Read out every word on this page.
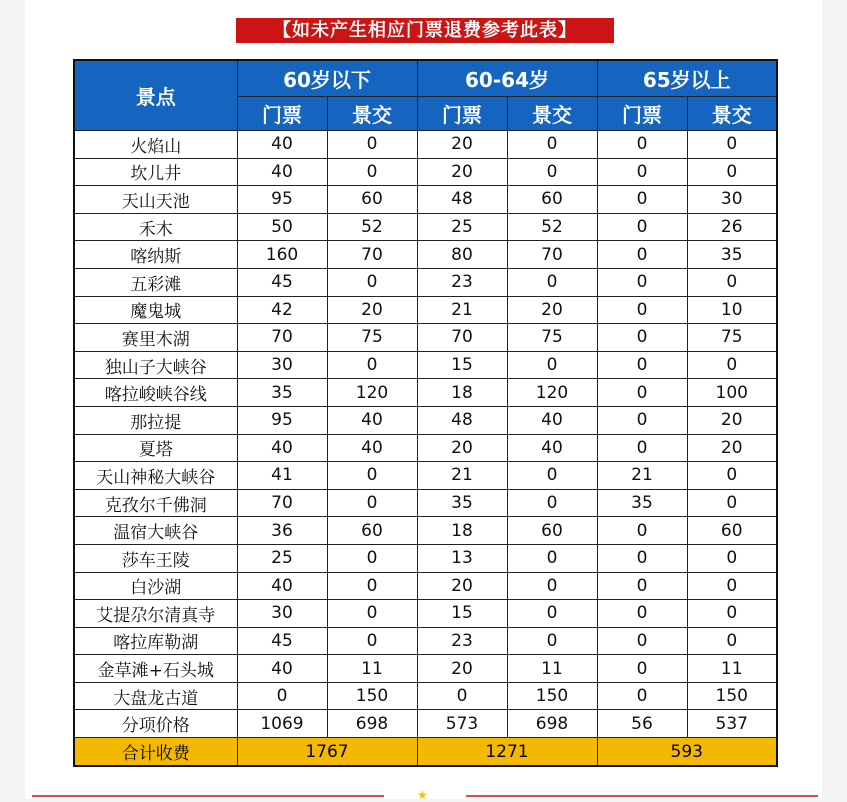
【如未产生相应门票退费参考此表】
景点	60岁以下		60-64岁		65岁以上	
	门票	景交	门票	景交	门票	景交
火焰山	40	0	20	0	0	0
坎儿井	40	0	20	0	0	0
天山天池	95	60	48	60	0	30
禾木	50	52	25	52	0	26
喀纳斯	160	70	80	70	0	35
五彩滩	45	0	23	0	0	0
魔鬼城	42	20	21	20	0	10
赛里木湖	70	75	70	75	0	75
独山子大峡谷	30	0	15	0	0	0
喀拉峻峡谷线	35	120	18	120	0	100
那拉提	95	40	48	40	0	20
夏塔	40	40	20	40	0	20
天山神秘大峡谷	41	0	21	0	21	0
克孜尔千佛洞	70	0	35	0	35	0
温宿大峡谷	36	60	18	60	0	60
莎车王陵	25	0	13	0	0	0
白沙湖	40	0	20	0	0	0
艾提尕尔清真寺	30	0	15	0	0	0
喀拉库勒湖	45	0	23	0	0	0
金草滩+石头城	40	11	20	11	0	11
大盘龙古道	0	150	0	150	0	150
分项价格	1069	698	573	698	56	537
合计收费	1767		1271		593	
★
